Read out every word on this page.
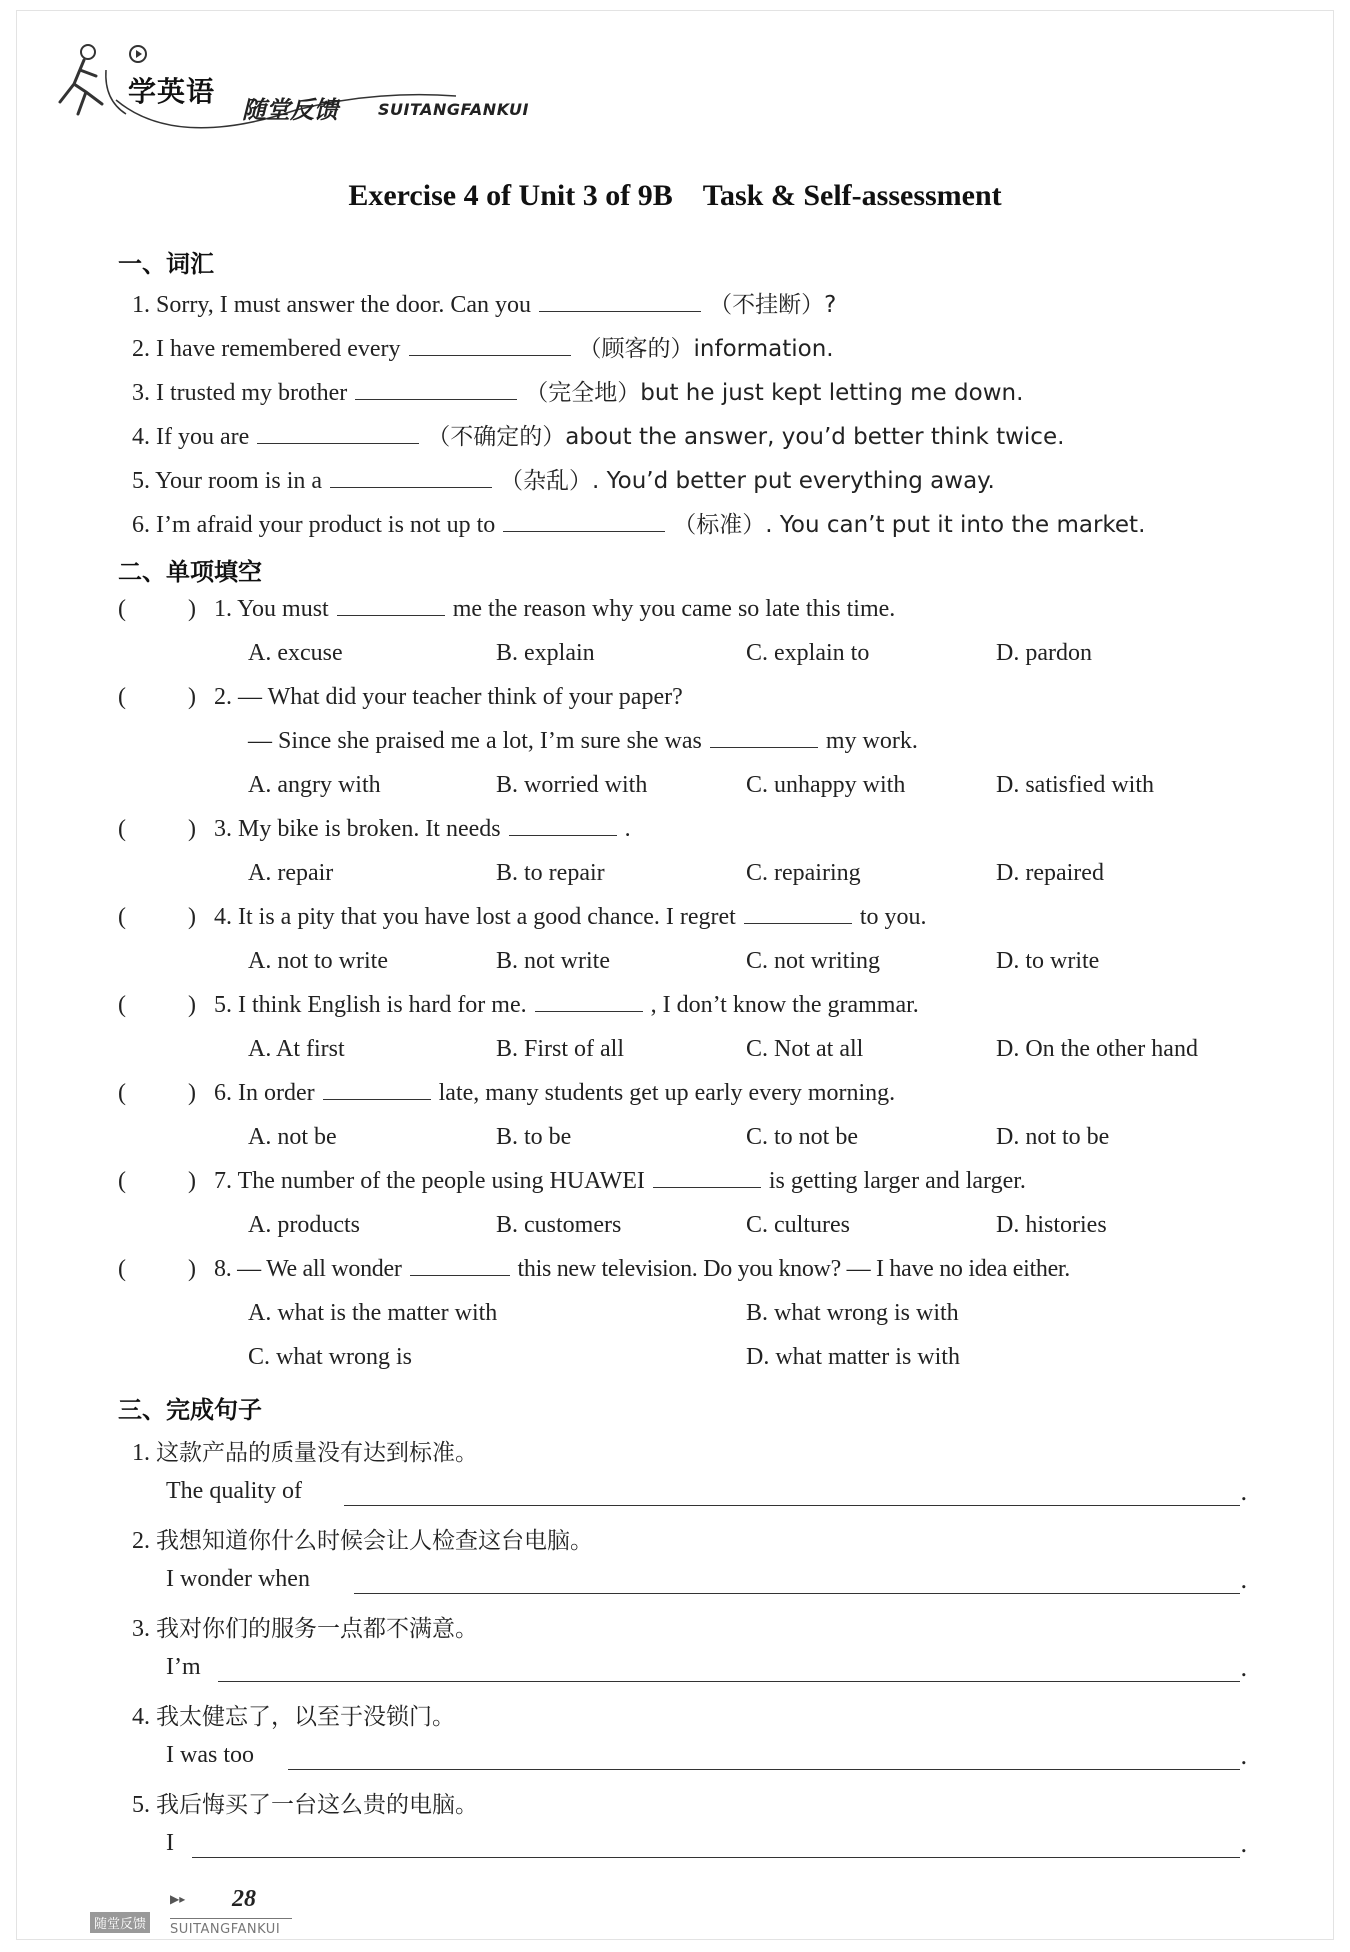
学英语
随堂反馈	SUITANGFANKUI
Exercise 4 of Unit 3 of 9B　Task & Self-assessment
一、词汇
1. Sorry, I must answer the door. Can you	（不挂断）?
2. I have remembered every	（顾客的）information.
3. I trusted my brother	（完全地）but he just kept letting me down.
4. If you are	（不确定的）about the answer, you’d better think twice.
5. Your room is in a	（杂乱）. You’d better put everything away.
6. I’m afraid your product is not up to	（标准）. You can’t put it into the market.
二、单项填空
(	) 1. You must	me the reason why you came so late this time.
A. excuse	B. explain	C. explain to	D. pardon
(	) 2. — What did your teacher think of your paper?
— Since she praised me a lot, I’m sure she was	my work.
A. angry with	B. worried with	C. unhappy with	D. satisfied with
(	) 3. My bike is broken. It needs	.
A. repair	B. to repair	C. repairing	D. repaired
(	) 4. It is a pity that you have lost a good chance. I regret	to you.
A. not to write	B. not write	C. not writing	D. to write
(	) 5. I think English is hard for me.	, I don’t know the grammar.
A. At first	B. First of all	C. Not at all	D. On the other hand
(	) 6. In order	late, many students get up early every morning.
A. not be	B. to be	C. to not be	D. not to be
(	) 7. The number of the people using HUAWEI	is getting larger and larger.
A. products	B. customers	C. cultures	D. histories
(	) 8. — We all wonder	this new television. Do you know? — I have no idea either.
A. what is the matter with	B. what wrong is with
C. what wrong is	D. what matter is with
三、完成句子
1. 这款产品的质量没有达到标准。
The quality of	.
2. 我想知道你什么时候会让人检查这台电脑。
I wonder when	.
3. 我对你们的服务一点都不满意。
I’m	.
4. 我太健忘了，以至于没锁门。
I was too	.
5. 我后悔买了一台这么贵的电脑。
I	.
▶▸ 28
随堂反馈	SUITANGFANKUI
